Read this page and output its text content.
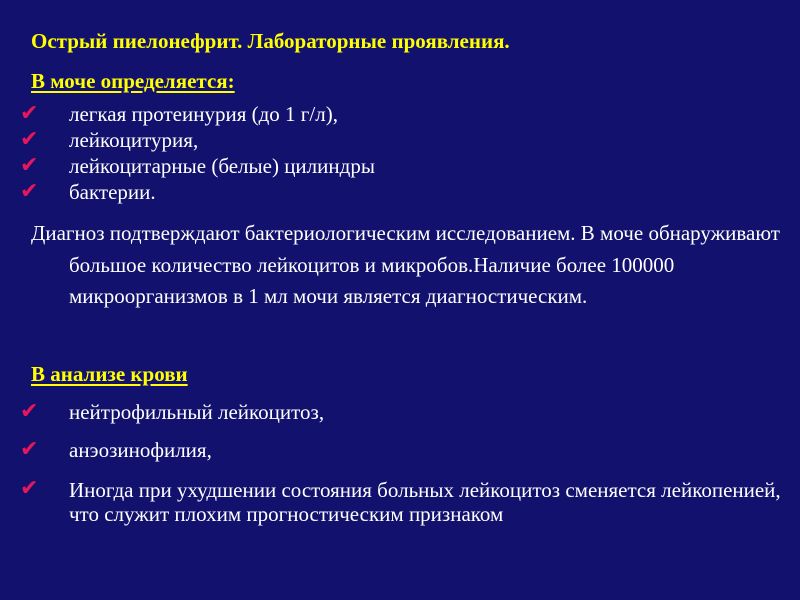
Острый пиелонефрит. Лабораторные проявления.
В моче определяется:
✔ легкая протеинурия (до 1 г/л),
✔ лейкоцитурия,
✔ лейкоцитарные (белые) цилиндры
✔ бактерии.
Диагноз подтверждают бактериологическим исследованием. В моче обнаруживают большое количество лейкоцитов и микробов.Наличие более 100000 микроорганизмов в 1 мл мочи является диагностическим.
В анализе крови
✔ нейтрофильный лейкоцитоз,
✔ анэозинофилия,
✔ Иногда при ухудшении состояния больных лейкоцитоз сменяется лейкопенией, что служит плохим прогностическим признаком
